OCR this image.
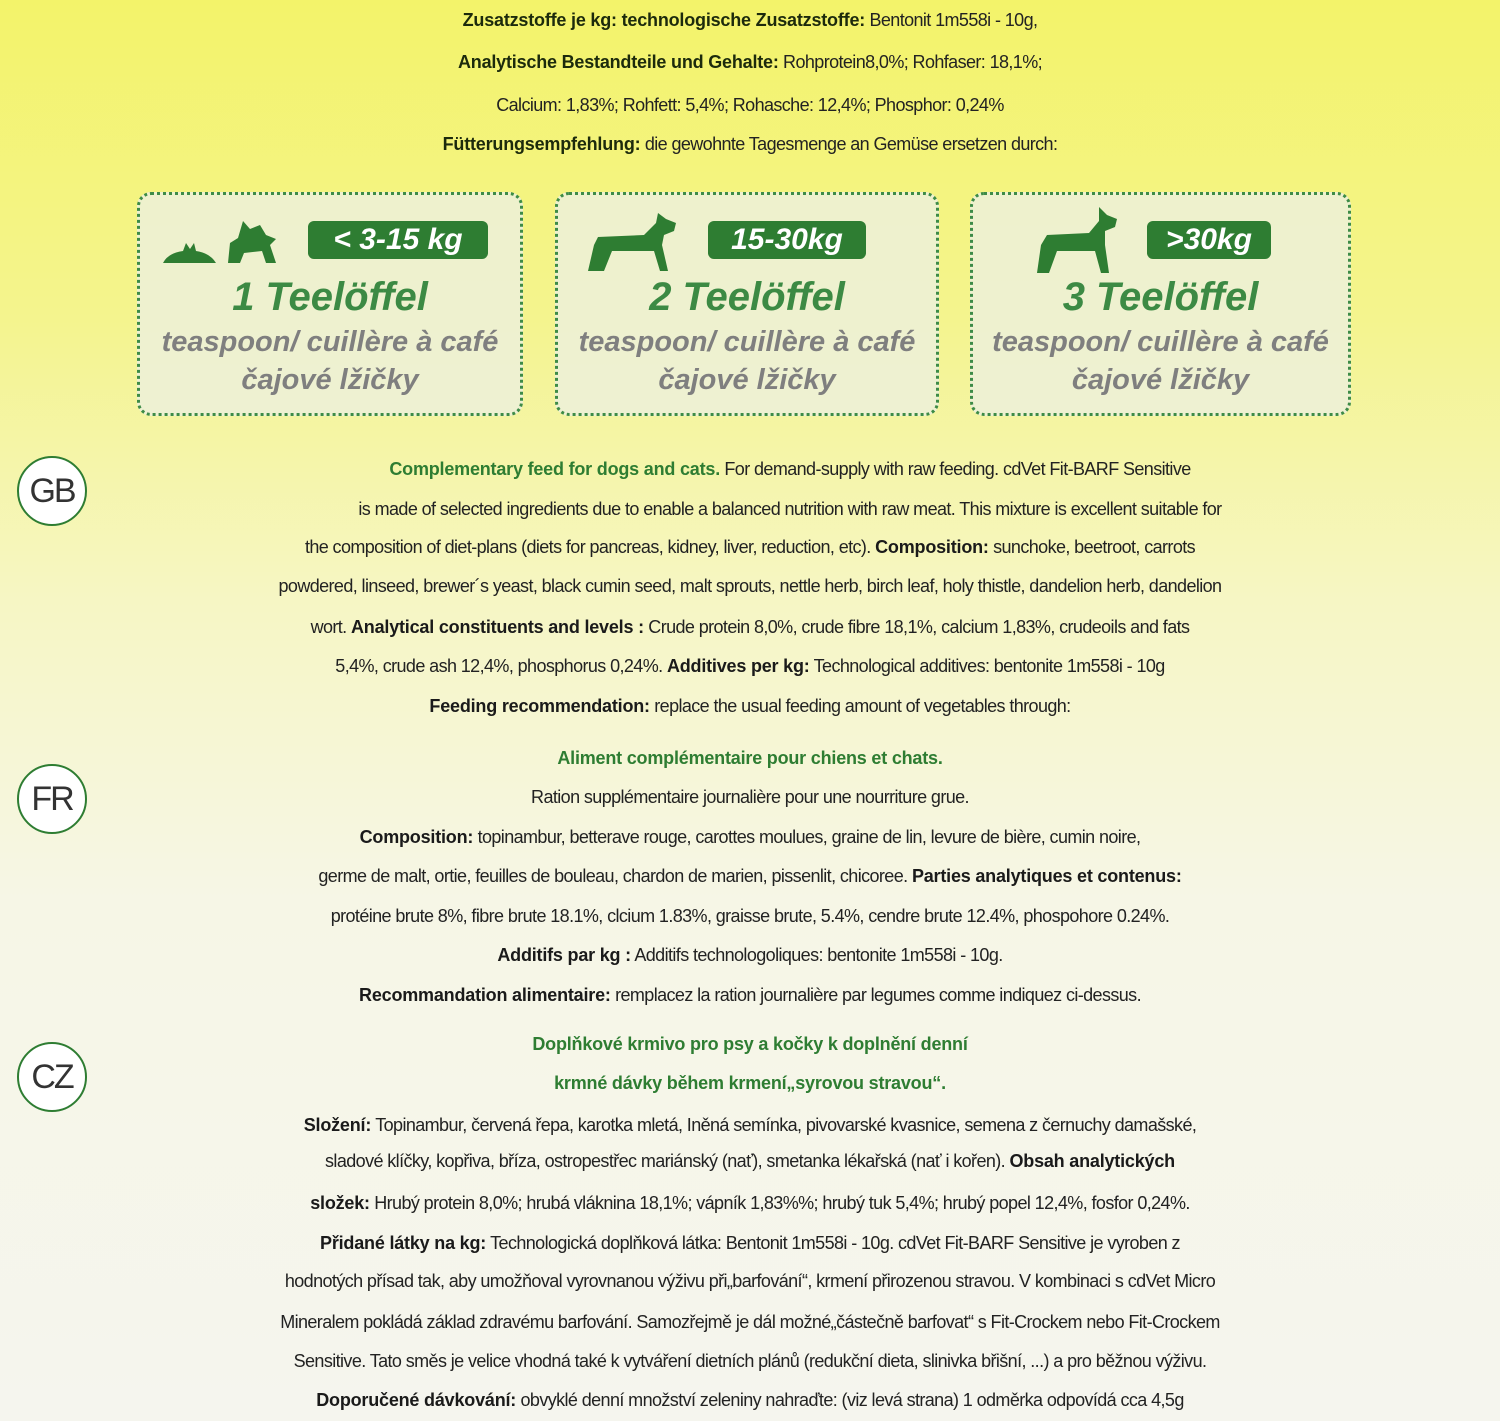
Zusatzstoffe je kg: technologische Zusatzstoffe: Bentonit 1m558i - 10g,
Analytische Bestandteile und Gehalte: Rohprotein8,0%; Rohfaser: 18,1%;
Calcium: 1,83%; Rohfett: 5,4%; Rohasche: 12,4%; Phosphor: 0,24%
Fütterungsempfehlung: die gewohnte Tagesmenge an Gemüse ersetzen durch:
< 3-15 kg
1 Teelöffel
teaspoon/ cuillère à café
čajové lžičky
15-30kg
2 Teelöffel
teaspoon/ cuillère à café
čajové lžičky
>30kg
3 Teelöffel
teaspoon/ cuillère à café
čajové lžičky
GB
Complementary feed for dogs and cats. For demand-supply with raw feeding. cdVet Fit-BARF Sensitive
is made of selected ingredients due to enable a balanced nutrition with raw meat. This mixture is excellent suitable for
the composition of diet-plans (diets for pancreas, kidney, liver, reduction, etc). Composition: sunchoke, beetroot, carrots
powdered, linseed, brewer´s yeast, black cumin seed, malt sprouts, nettle herb, birch leaf, holy thistle, dandelion herb, dandelion
wort. Analytical constituents and levels : Crude protein 8,0%, crude fibre 18,1%, calcium 1,83%, crudeoils and fats
5,4%, crude ash 12,4%, phosphorus 0,24%. Additives per kg: Technological additives: bentonite 1m558i - 10g
Feeding recommendation: replace the usual feeding amount of vegetables through:
FR
Aliment complémentaire pour chiens et chats.
Ration supplémentaire journalière pour une nourriture grue.
Composition: topinambur, betterave rouge, carottes moulues, graine de lin, levure de bière, cumin noire,
germe de malt, ortie, feuilles de bouleau, chardon de marien, pissenlit, chicoree. Parties analytiques et contenus:
protéine brute 8%, fibre brute 18.1%, clcium 1.83%, graisse brute, 5.4%, cendre brute 12.4%, phospohore 0.24%.
Additifs par kg : Additifs technologoliques: bentonite 1m558i - 10g.
Recommandation alimentaire: remplacez la ration journalière par legumes comme indiquez ci-dessus.
CZ
Doplňkové krmivo pro psy a kočky k doplnění denní
krmné dávky během krmení„syrovou stravou“.
Složení: Topinambur, červená řepa, karotka mletá, Iněná semínka, pivovarské kvasnice, semena z černuchy damašské,
sladové klíčky, kopřiva, bříza, ostropestřec mariánský (nať), smetanka lékařská (nať i kořen). Obsah analytických
složek: Hrubý protein 8,0%; hrubá vláknina 18,1%; vápník 1,83%%; hrubý tuk 5,4%; hrubý popel 12,4%, fosfor 0,24%.
Přidané látky na kg: Technologická doplňková látka: Bentonit 1m558i - 10g. cdVet Fit-BARF Sensitive je vyroben z
hodnotých přísad tak, aby umožňoval vyrovnanou výživu při„barfování“, krmení přirozenou stravou. V kombinaci s cdVet Micro
Mineralem pokládá základ zdravému barfování. Samozřejmě je dál možné„částečně barfovat“ s Fit-Crockem nebo Fit-Crockem
Sensitive. Tato směs je velice vhodná také k vytváření dietních plánů (redukční dieta, slinivka břišní, ...) a pro běžnou výživu.
Doporučené dávkování: obvyklé denní množství zeleniny nahraďte: (viz levá strana) 1 odměrka odpovídá cca 4,5g
